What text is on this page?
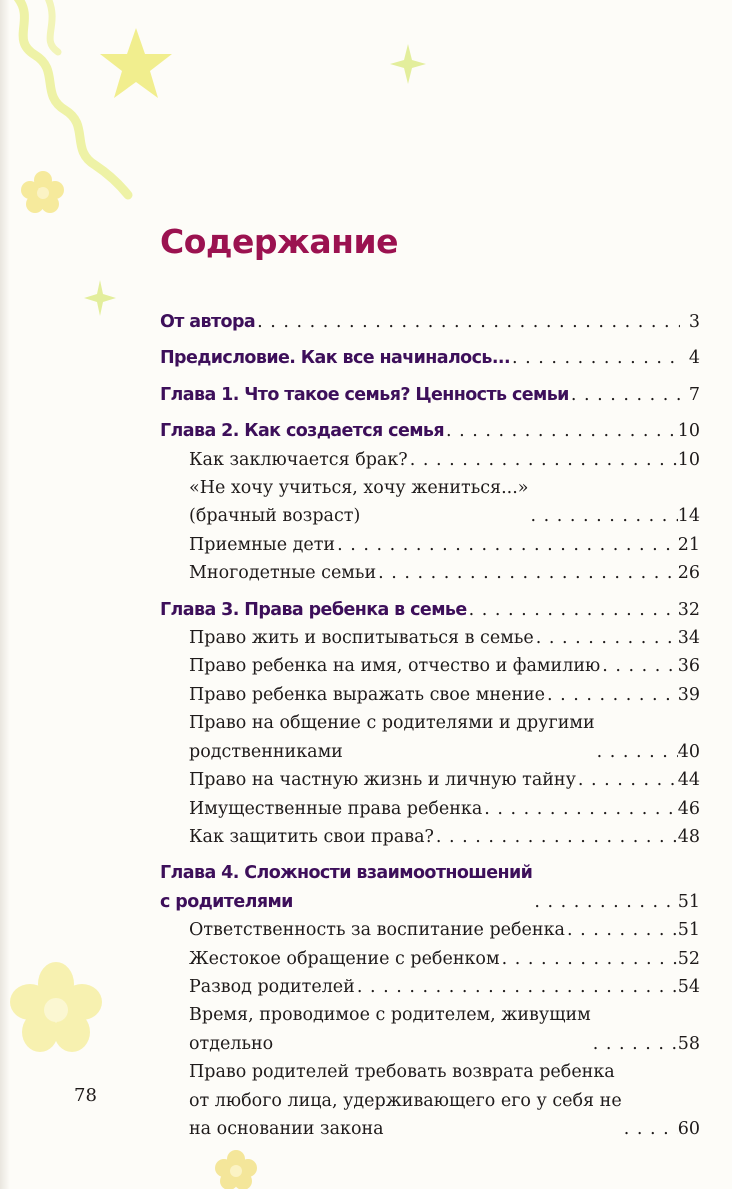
Содержание
От автора . . .	3
Предисловие. Как все начиналось... . . .	4
Глава 1. Что такое семья? Ценность семьи . . .	7
Глава 2. Как создается семья . . .	10
Как заключается брак? . . .	10
«Не хочу учиться, хочу жениться...»
(брачный возраст) . . .	14
Приемные дети . . .	21
Многодетные семьи . . .	26
Глава 3. Права ребенка в семье . . .	32
Право жить и воспитываться в семье . . .	34
Право ребенка на имя, отчество и фамилию . . .	36
Право ребенка выражать свое мнение . . .	39
Право на общение с родителями и другими
родственниками . . .	40
Право на частную жизнь и личную тайну . . .	44
Имущественные права ребенка . . .	46
Как защитить свои права? . . .	48
Глава 4. Сложности взаимоотношений
с родителями . . .	51
Ответственность за воспитание ребенка . . .	51
Жестокое обращение с ребенком . . .	52
Развод родителей . . .	54
Время, проводимое с родителем, живущим
отдельно . . .	58
Право родителей требовать возврата ребенка
от любого лица, удерживающего его у себя не
на основании закона . . .	60
78
